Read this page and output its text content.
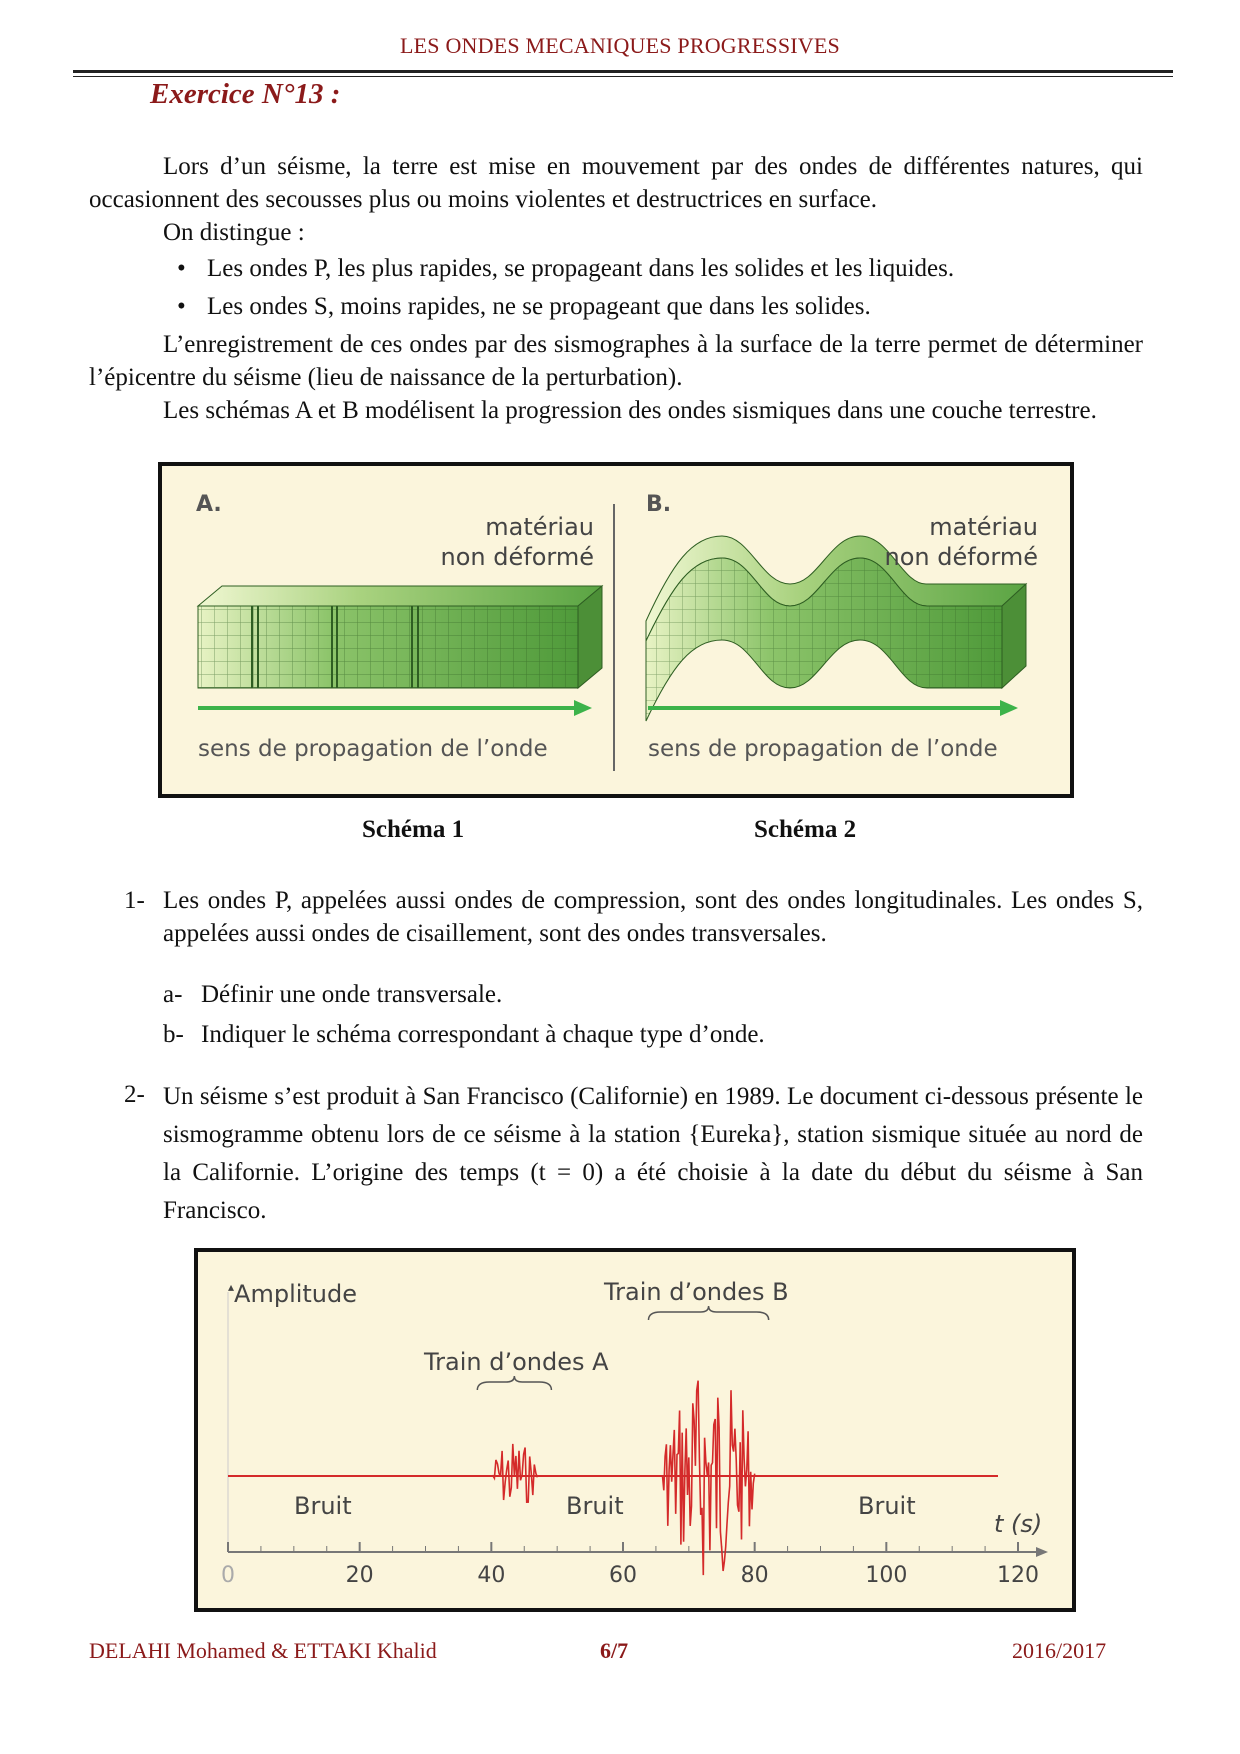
LES ONDES MECANIQUES PROGRESSIVES
Exercice N°13 :
Lors d’un séisme, la terre est mise en mouvement par des ondes de différentes natures, qui occasionnent des secousses plus ou moins violentes et destructrices en surface.
On distingue :
• Les ondes P, les plus rapides, se propageant dans les solides et les liquides.
• Les ondes S, moins rapides, ne se propageant que dans les solides.
L’enregistrement de ces ondes par des sismographes à la surface de la terre permet de déterminer l’épicentre du séisme (lieu de naissance de la perturbation).
Les schémas A et B modélisent la progression des ondes sismiques dans une couche terrestre.
A.
matériau
non déformé
sens de propagation de l’onde
B.
matériau
non déformé
sens de propagation de l’onde
Schéma 1	Schéma 2
1- Les ondes P, appelées aussi ondes de compression, sont des ondes longitudinales. Les ondes S, appelées aussi ondes de cisaillement, sont des ondes transversales.
a- Définir une onde transversale.
b- Indiquer le schéma correspondant à chaque type d’onde.
2- Un séisme s’est produit à San Francisco (Californie) en 1989. Le document ci-dessous présente le sismogramme obtenu lors de ce séisme à la station {Eureka}, station sismique située au nord de la Californie. L’origine des temps (t = 0) a été choisie à la date du début du séisme à San Francisco.
0	20	40	60	80	100	120
▴Amplitude	Train d’ondes B
Train d’ondes A
Bruit	Bruit	Bruit
t (s)
DELAHI Mohamed & ETTAKI Khalid	6/7	2016/2017
